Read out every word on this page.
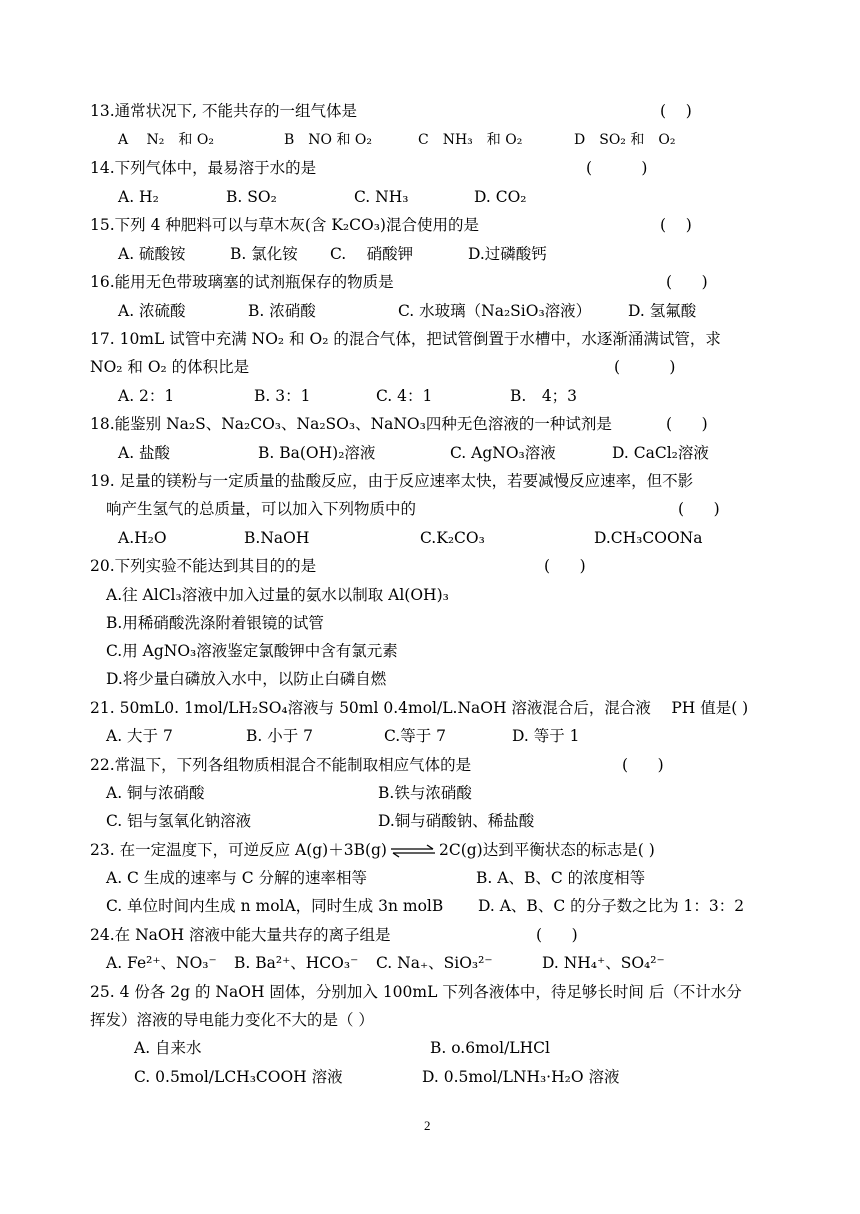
13.通常状况下, 不能共存的一组气体是	(    )
A　 N₂　和 O₂	B　NO 和 O₂	C　NH₃　和 O₂	D　SO₂ 和　O₂
14.下列气体中，最易溶于水的是	(          )
A. H₂	B. SO₂	C. NH₃	D. CO₂
15.下列 4 种肥料可以与草木灰(含 K₂CO₃)混合使用的是	(    )
A. 硫酸铵	B. 氯化铵 C.　 硝酸钾	D.过磷酸钙
16.能用无色带玻璃塞的试剂瓶保存的物质是	(      )
A. 浓硫酸	B. 浓硝酸	C. 水玻璃（Na₂SiO₃溶液） D. 氢氟酸
17. 10mL 试管中充满 NO₂ 和 O₂ 的混合气体，把试管倒置于水槽中，水逐渐涌满试管，求
NO₂ 和 O₂ 的体积比是	(          )
A. 2：1	B. 3：1	C. 4：1	B.　4；3
18.能鉴别 Na₂S、Na₂CO₃、Na₂SO₃、NaNO₃四种无色溶液的一种试剂是	(      )
A. 盐酸	B. Ba(OH)₂溶液	C. AgNO₃溶液	D. CaCl₂溶液
19. 足量的镁粉与一定质量的盐酸反应，由于反应速率太快，若要减慢反应速率，但不影
响产生氢气的总质量，可以加入下列物质中的	(      )
A.H₂O	B.NaOH	C.K₂CO₃	D.CH₃COONa
20.下列实验不能达到其目的的是	(      )
A.往 AlCl₃溶液中加入过量的氨水以制取 Al(OH)₃
B.用稀硝酸洗涤附着银镜的试管
C.用 AgNO₃溶液鉴定氯酸钾中含有氯元素
D.将少量白磷放入水中，以防止白磷自燃
21. 50mL0. 1mol/LH₂SO₄溶液与 50ml 0.4mol/L.NaOH 溶液混合后，混合液　 PH 值是( )
A. 大于 7	B. 小于 7	C.等于 7	D. 等于 1
22.常温下，下列各组物质相混合不能制取相应气体的是	(      )
A. 铜与浓硝酸	B.铁与浓硝酸
C. 铝与氢氧化钠溶液	D.铜与硝酸钠、稀盐酸
23. 在一定温度下，可逆反应 A(g)＋3B(g)	2C(g)达到平衡状态的标志是( )
A. C 生成的速率与 C 分解的速率相等	B. A、B、C 的浓度相等
C. 单位时间内生成 n molA，同时生成 3n molB D. A、B、C 的分子数之比为 1：3：2
24.在 NaOH 溶液中能大量共存的离子组是	(      )
A. Fe²⁺、NO₃⁻ B. Ba²⁺、HCO₃⁻ C. Na₊、SiO₃²⁻	D. NH₄⁺、SO₄²⁻
25. 4 份各 2g 的 NaOH 固体，分别加入 100mL 下列各液体中，待足够长时间 后（不计水分
挥发）溶液的导电能力变化不大的是（ ）
A. 自来水	B. o.6mol/LHCl
C. 0.5mol/LCH₃COOH 溶液	D. 0.5mol/LNH₃·H₂O 溶液
2
